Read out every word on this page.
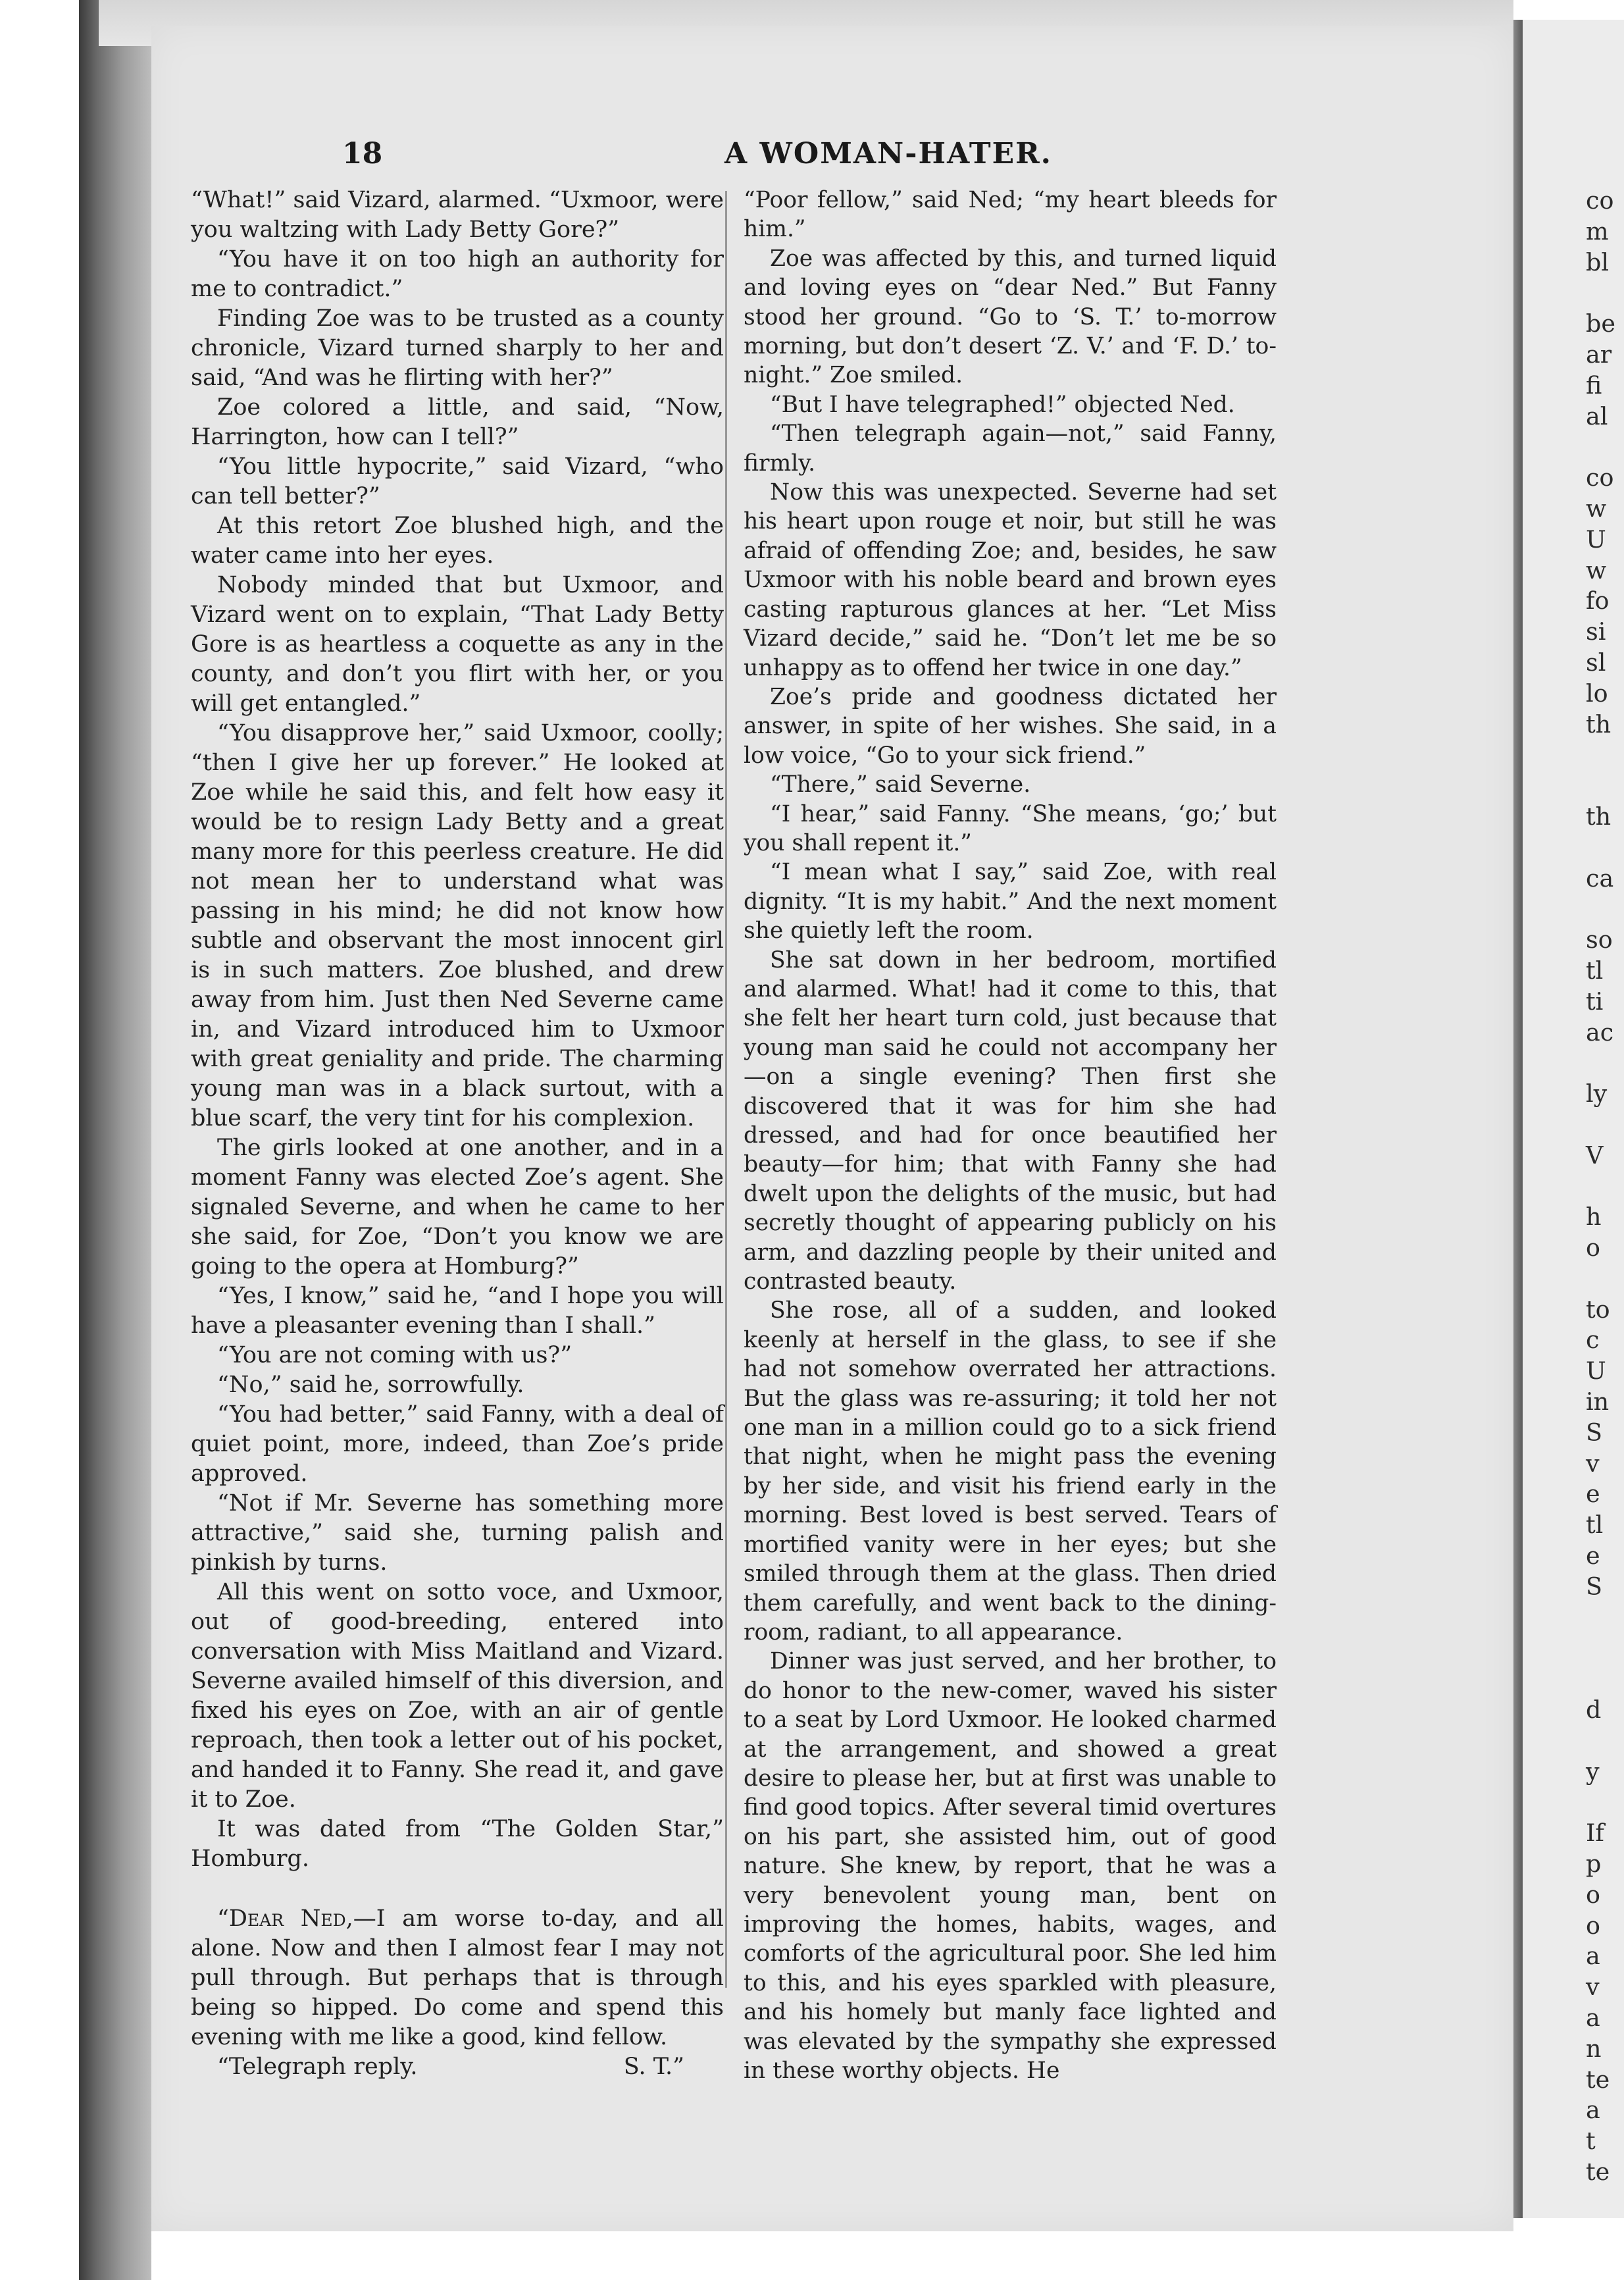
18	A WOMAN-HATER.

“What!” said Vizard, alarmed. “Uxmoor, were you waltzing with Lady Betty Gore?”

“You have it on too high an authority for me to contradict.”

Finding Zoe was to be trusted as a county chronicle, Vizard turned sharply to her and said, “And was he flirting with her?”

Zoe colored a little, and said, “Now, Harrington, how can I tell?”

“You little hypocrite,” said Vizard, “who can tell better?”

At this retort Zoe blushed high, and the water came into her eyes.

Nobody minded that but Uxmoor, and Vizard went on to explain, “That Lady Betty Gore is as heartless a coquette as any in the county, and don’t you flirt with her, or you will get entangled.”

“You disapprove her,” said Uxmoor, coolly; “then I give her up forever.” He looked at Zoe while he said this, and felt how easy it would be to resign Lady Betty and a great many more for this peerless creature. He did not mean her to understand what was passing in his mind; he did not know how subtle and observant the most innocent girl is in such matters. Zoe blushed, and drew away from him. Just then Ned Severne came in, and Vizard introduced him to Uxmoor with great geniality and pride. The charming young man was in a black surtout, with a blue scarf, the very tint for his complexion.

The girls looked at one another, and in a moment Fanny was elected Zoe’s agent. She signaled Severne, and when he came to her she said, for Zoe, “Don’t you know we are going to the opera at Homburg?”

“Yes, I know,” said he, “and I hope you will have a pleasanter evening than I shall.”

“You are not coming with us?”

“No,” said he, sorrowfully.

“You had better,” said Fanny, with a deal of quiet point, more, indeed, than Zoe’s pride approved.

“Not if Mr. Severne has something more attractive,” said she, turning palish and pinkish by turns.

All this went on sotto voce, and Uxmoor, out of good-breeding, entered into conversation with Miss Maitland and Vizard. Severne availed himself of this diversion, and fixed his eyes on Zoe, with an air of gentle reproach, then took a letter out of his pocket, and handed it to Fanny. She read it, and gave it to Zoe.

It was dated from “The Golden Star,” Homburg.

“Dear Ned,—I am worse to-day, and all alone. Now and then I almost fear I may not pull through. But perhaps that is through being so hipped. Do come and spend this evening with me like a good, kind fellow.

“Telegraph reply.	S. T.”

“Poor fellow,” said Ned; “my heart bleeds for him.”

Zoe was affected by this, and turned liquid and loving eyes on “dear Ned.” But Fanny stood her ground. “Go to ‘S. T.’ to-morrow morning, but don’t desert ‘Z. V.’ and ‘F. D.’ to-night.” Zoe smiled.

“But I have telegraphed!” objected Ned.

“Then telegraph again—not,” said Fanny, firmly.

Now this was unexpected. Severne had set his heart upon rouge et noir, but still he was afraid of offending Zoe; and, besides, he saw Uxmoor with his noble beard and brown eyes casting rapturous glances at her. “Let Miss Vizard decide,” said he. “Don’t let me be so unhappy as to offend her twice in one day.”

Zoe’s pride and goodness dictated her answer, in spite of her wishes. She said, in a low voice, “Go to your sick friend.”

“There,” said Severne.

“I hear,” said Fanny. “She means, ‘go;’ but you shall repent it.”

“I mean what I say,” said Zoe, with real dignity. “It is my habit.” And the next moment she quietly left the room.

She sat down in her bedroom, mortified and alarmed. What! had it come to this, that she felt her heart turn cold, just because that young man said he could not accompany her—on a single evening? Then first she discovered that it was for him she had dressed, and had for once beautified her beauty—for him; that with Fanny she had dwelt upon the delights of the music, but had secretly thought of appearing publicly on his arm, and dazzling people by their united and contrasted beauty.

She rose, all of a sudden, and looked keenly at herself in the glass, to see if she had not somehow overrated her attractions. But the glass was re-assuring; it told her not one man in a million could go to a sick friend that night, when he might pass the evening by her side, and visit his friend early in the morning. Best loved is best served. Tears of mortified vanity were in her eyes; but she smiled through them at the glass. Then dried them carefully, and went back to the dining-room, radiant, to all appearance.

Dinner was just served, and her brother, to do honor to the new-comer, waved his sister to a seat by Lord Uxmoor. He looked charmed at the arrangement, and showed a great desire to please her, but at first was unable to find good topics. After several timid overtures on his part, she assisted him, out of good nature. She knew, by report, that he was a very benevolent young man, bent on improving the homes, habits, wages, and comforts of the agricultural poor. She led him to this, and his eyes sparkled with pleasure, and his homely but manly face lighted and was elevated by the sympathy she expressed in these worthy objects. He

co
m
bl
be
ar
fi
al
co
w
U
w
fo
si
sl
lo
th
th
ca
so
tl
ti
ac
ly
V
h
o
to
c
U
in
S
v
e
tl
e
S
d
y
If
p
o
o
a
v
a
n
te
a
t
te
